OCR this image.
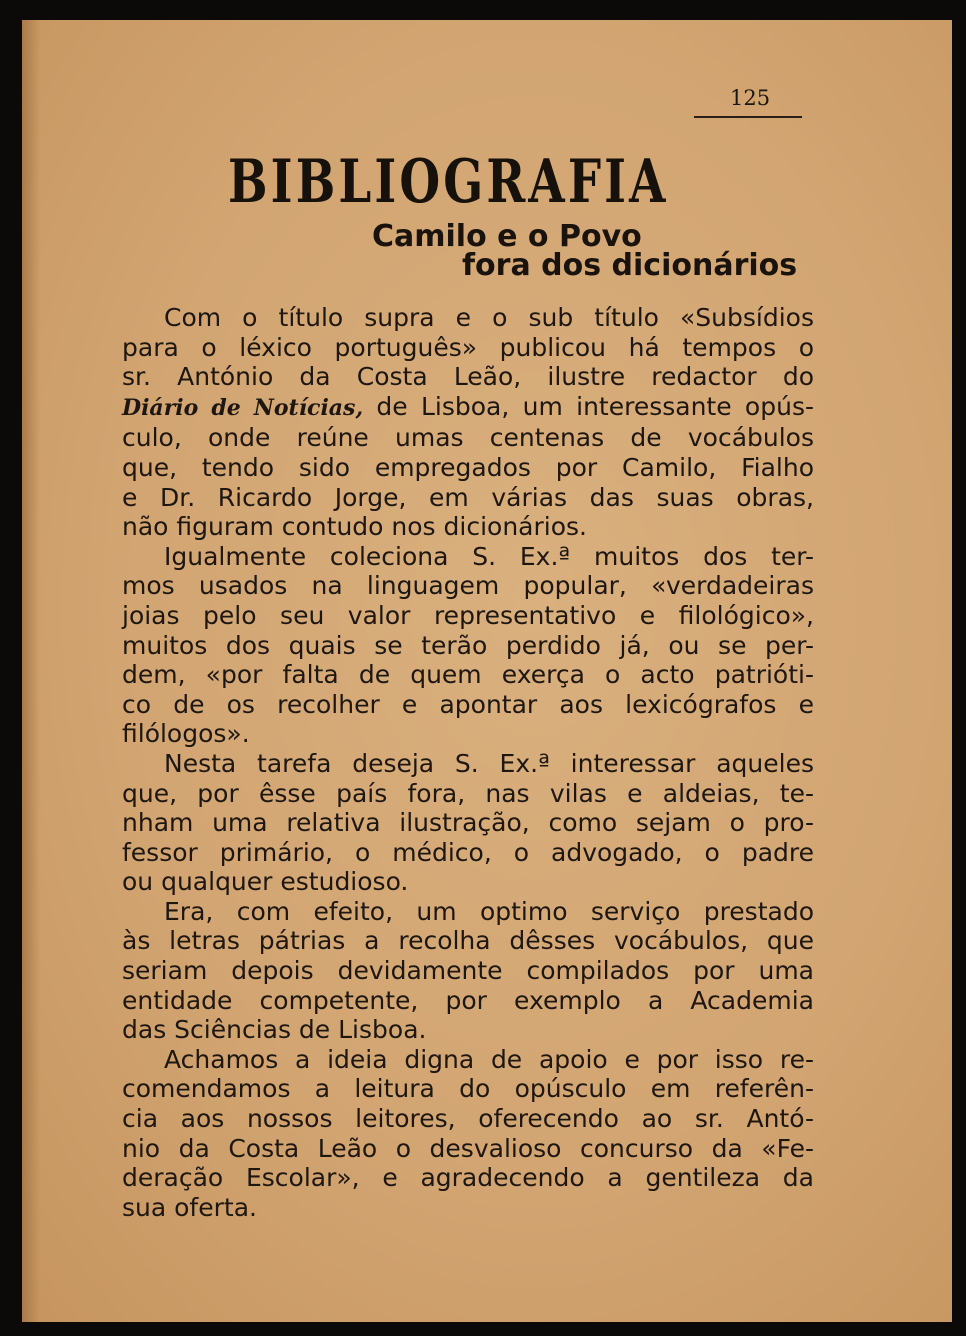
125

BIBLIOGRAFIA
Camilo e o Povo
fora dos dicionários

Com o título supra e o sub título «Subsídios
para o léxico português» publicou há tempos o
sr. António da Costa Leão, ilustre redactor do
Diário de Notícias, de Lisboa, um interessante opús-
culo, onde reúne umas centenas de vocábulos
que, tendo sido empregados por Camilo, Fialho
e Dr. Ricardo Jorge, em várias das suas obras,
não figuram contudo nos dicionários.

Igualmente coleciona S. Ex.ª muitos dos ter-
mos usados na linguagem popular, «verdadeiras
joias pelo seu valor representativo e filológico»,
muitos dos quais se terão perdido já, ou se per-
dem, «por falta de quem exerça o acto patrióti-
co de os recolher e apontar aos lexicógrafos e
filólogos».

Nesta tarefa deseja S. Ex.ª interessar aqueles
que, por êsse país fora, nas vilas e aldeias, te-
nham uma relativa ilustração, como sejam o pro-
fessor primário, o médico, o advogado, o padre
ou qualquer estudioso.

Era, com efeito, um optimo serviço prestado
às letras pátrias a recolha dêsses vocábulos, que
seriam depois devidamente compilados por uma
entidade competente, por exemplo a Academia
das Sciências de Lisboa.

Achamos a ideia digna de apoio e por isso re-
comendamos a leitura do opúsculo em referên-
cia aos nossos leitores, oferecendo ao sr. Antó-
nio da Costa Leão o desvalioso concurso da «Fe-
deração Escolar», e agradecendo a gentileza da
sua oferta.
